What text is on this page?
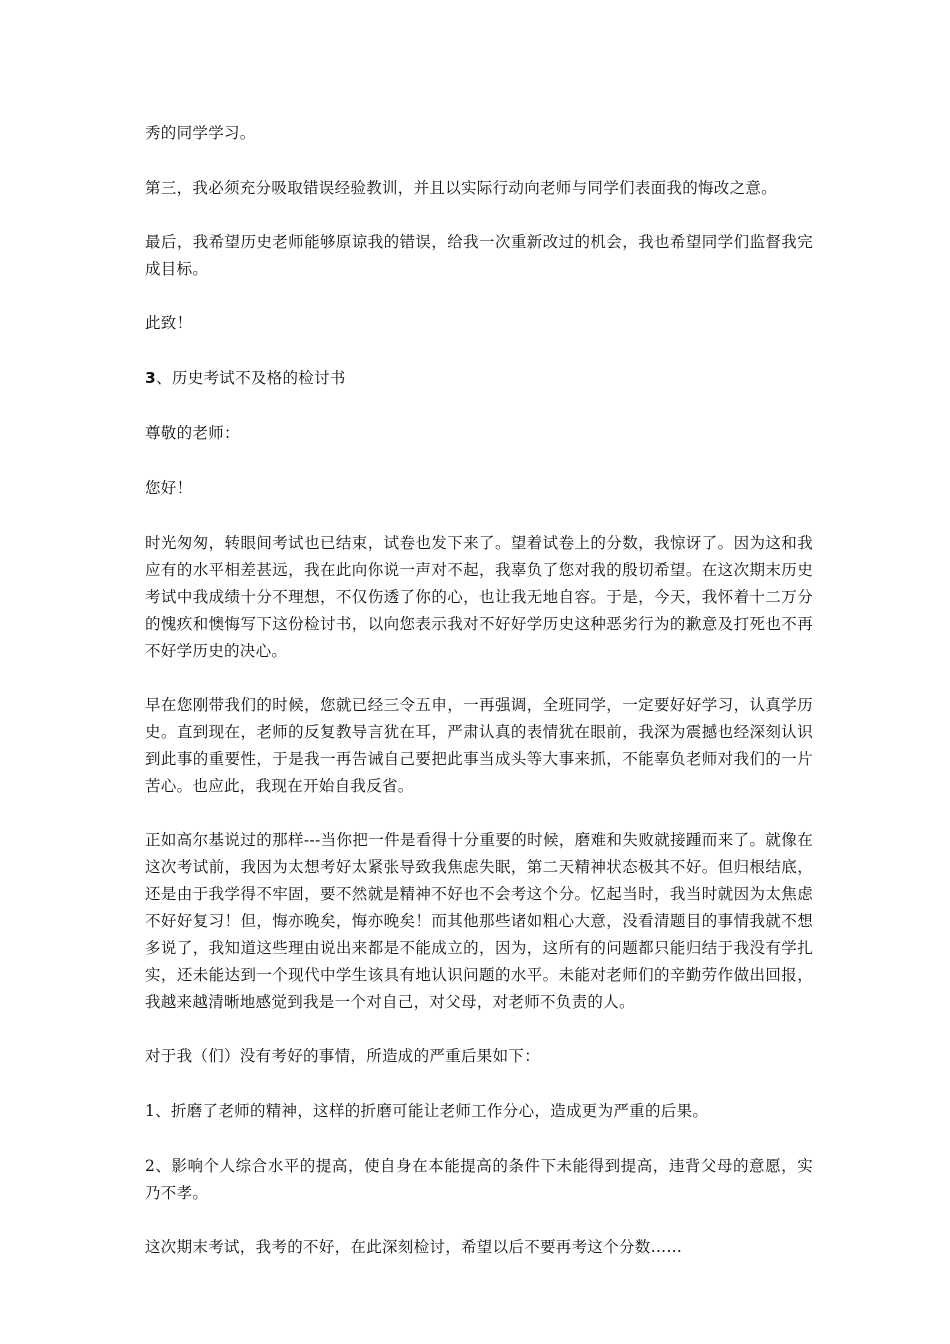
秀的同学学习。

第三，我必须充分吸取错误经验教训，并且以实际行动向老师与同学们表面我的悔改之意。

最后，我希望历史老师能够原谅我的错误，给我一次重新改过的机会，我也希望同学们监督我完成目标。

此致！

3、历史考试不及格的检讨书

尊敬的老师：

您好！

时光匆匆，转眼间考试也已结束，试卷也发下来了。望着试卷上的分数，我惊讶了。因为这和我应有的水平相差甚远，我在此向你说一声对不起，我辜负了您对我的殷切希望。在这次期末历史考试中我成绩十分不理想，不仅伤透了你的心，也让我无地自容。于是，今天，我怀着十二万分的愧疚和懊悔写下这份检讨书，以向您表示我对不好好学历史这种恶劣行为的歉意及打死也不再不好学历史的决心。

早在您刚带我们的时候，您就已经三令五申，一再强调，全班同学，一定要好好学习，认真学历史。直到现在，老师的反复教导言犹在耳，严肃认真的表情犹在眼前，我深为震撼也经深刻认识到此事的重要性，于是我一再告诫自己要把此事当成头等大事来抓，不能辜负老师对我们的一片苦心。也应此，我现在开始自我反省。

正如高尔基说过的那样---当你把一件是看得十分重要的时候，磨难和失败就接踵而来了。就像在这次考试前，我因为太想考好太紧张导致我焦虑失眠，第二天精神状态极其不好。但归根结底，还是由于我学得不牢固，要不然就是精神不好也不会考这个分。忆起当时，我当时就因为太焦虑不好好复习！但，悔亦晚矣，悔亦晚矣！而其他那些诸如粗心大意，没看清题目的事情我就不想多说了，我知道这些理由说出来都是不能成立的，因为，这所有的问题都只能归结于我没有学扎实，还未能达到一个现代中学生该具有地认识问题的水平。未能对老师们的辛勤劳作做出回报，我越来越清晰地感觉到我是一个对自己，对父母，对老师不负责的人。

对于我（们）没有考好的事情，所造成的严重后果如下：

1、折磨了老师的精神，这样的折磨可能让老师工作分心，造成更为严重的后果。

2、影响个人综合水平的提高，使自身在本能提高的条件下未能得到提高，违背父母的意愿，实乃不孝。

这次期末考试，我考的不好，在此深刻检讨，希望以后不要再考这个分数……
